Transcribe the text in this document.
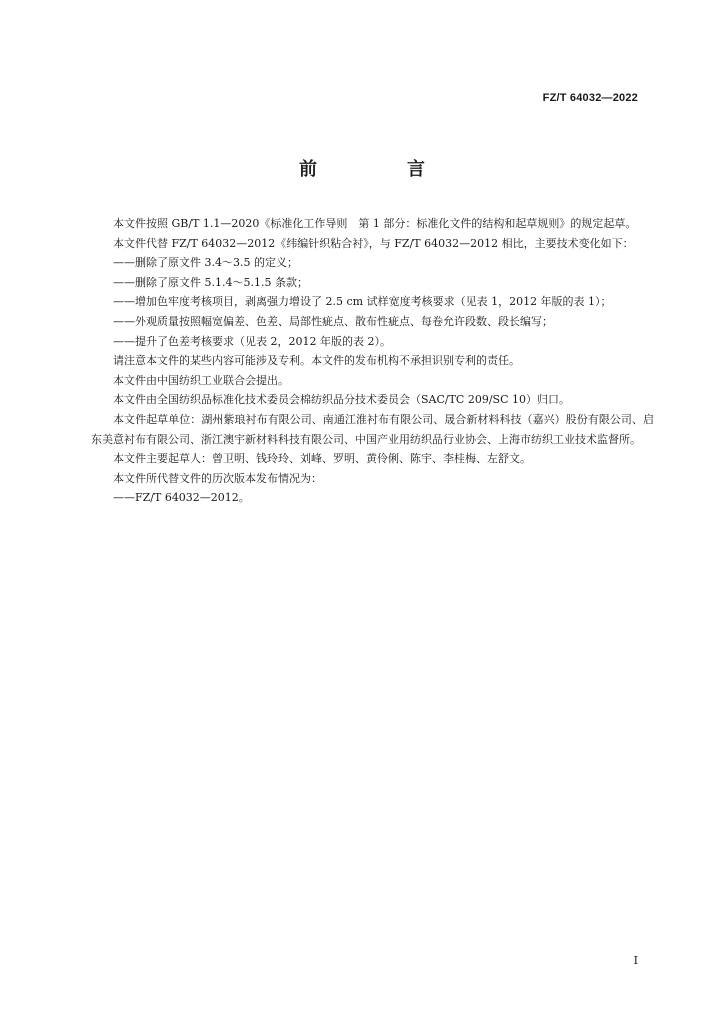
FZ/T 64032—2022
前　言

本文件按照 GB/T 1.1—2020《标准化工作导则　第 1 部分：标准化文件的结构和起草规则》的规定起草。

本文件代替 FZ/T 64032—2012《纬编针织粘合衬》，与 FZ/T 64032—2012 相比，主要技术变化如下：

——删除了原文件 3.4～3.5 的定义；

——删除了原文件 5.1.4～5.1.5 条款；

——增加色牢度考核项目，剥离强力增设了 2.5 cm 试样宽度考核要求（见表 1，2012 年版的表 1）；

——外观质量按照幅宽偏差、色差、局部性疵点、散布性疵点、每卷允许段数、段长编写；

——提升了色差考核要求（见表 2，2012 年版的表 2）。

请注意本文件的某些内容可能涉及专利。本文件的发布机构不承担识别专利的责任。

本文件由中国纺织工业联合会提出。

本文件由全国纺织品标准化技术委员会棉纺织品分技术委员会（SAC/TC 209/SC 10）归口。

本文件起草单位：湖州紫琅衬布有限公司、南通江淮衬布有限公司、晟合新材料科技（嘉兴）股份有限公司、启东美意衬布有限公司、浙江澳宇新材料科技有限公司、中国产业用纺织品行业协会、上海市纺织工业技术监督所。

本文件主要起草人：曾卫明、钱玲玲、刘峰、罗明、黄伶俐、陈宇、李桂梅、左舒文。

本文件所代替文件的历次版本发布情况为：

——FZ/T 64032—2012。

I
